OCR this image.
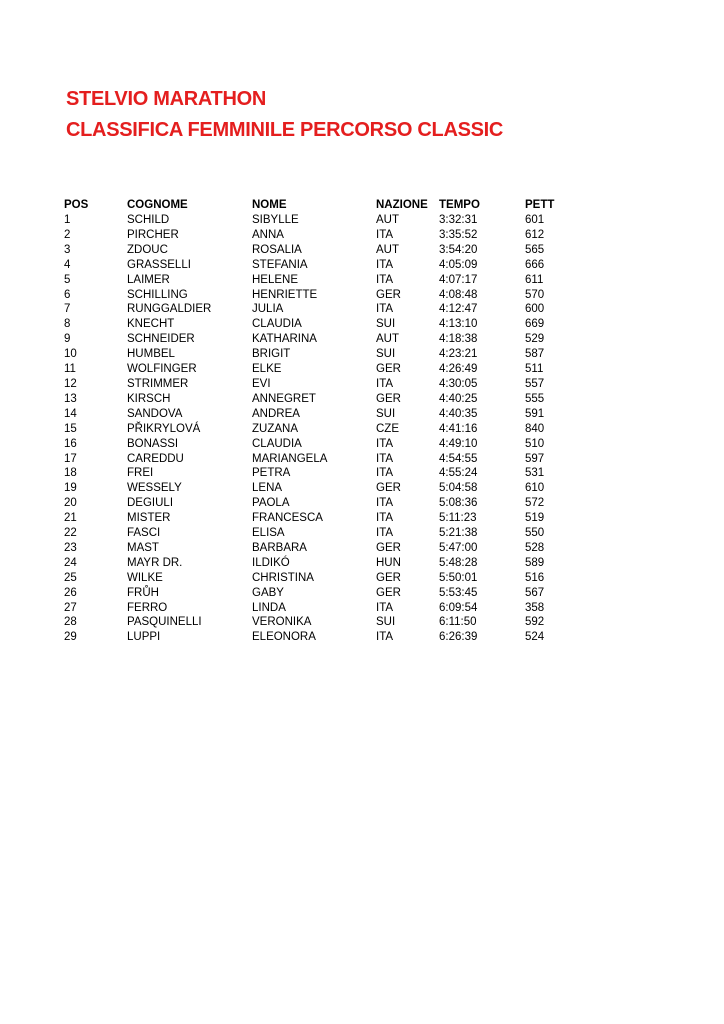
STELVIO MARATHON
CLASSIFICA FEMMINILE PERCORSO CLASSIC
POS	COGNOME	NOME	NAZIONE	TEMPO	PETT
1	SCHILD	SIBYLLE	AUT	3:32:31	601
2	PIRCHER	ANNA	ITA	3:35:52	612
3	ZDOUC	ROSALIA	AUT	3:54:20	565
4	GRASSELLI	STEFANIA	ITA	4:05:09	666
5	LAIMER	HELENE	ITA	4:07:17	611
6	SCHILLING	HENRIETTE	GER	4:08:48	570
7	RUNGGALDIER	JULIA	ITA	4:12:47	600
8	KNECHT	CLAUDIA	SUI	4:13:10	669
9	SCHNEIDER	KATHARINA	AUT	4:18:38	529
10	HUMBEL	BRIGIT	SUI	4:23:21	587
11	WOLFINGER	ELKE	GER	4:26:49	511
12	STRIMMER	EVI	ITA	4:30:05	557
13	KIRSCH	ANNEGRET	GER	4:40:25	555
14	SANDOVA	ANDREA	SUI	4:40:35	591
15	PŘIKRYLOVÁ	ZUZANA	CZE	4:41:16	840
16	BONASSI	CLAUDIA	ITA	4:49:10	510
17	CAREDDU	MARIANGELA	ITA	4:54:55	597
18	FREI	PETRA	ITA	4:55:24	531
19	WESSELY	LENA	GER	5:04:58	610
20	DEGIULI	PAOLA	ITA	5:08:36	572
21	MISTER	FRANCESCA	ITA	5:11:23	519
22	FASCI	ELISA	ITA	5:21:38	550
23	MAST	BARBARA	GER	5:47:00	528
24	MAYR DR.	ILDIKÓ	HUN	5:48:28	589
25	WILKE	CHRISTINA	GER	5:50:01	516
26	FRŮH	GABY	GER	5:53:45	567
27	FERRO	LINDA	ITA	6:09:54	358
28	PASQUINELLI	VERONIKA	SUI	6:11:50	592
29	LUPPI	ELEONORA	ITA	6:26:39	524
